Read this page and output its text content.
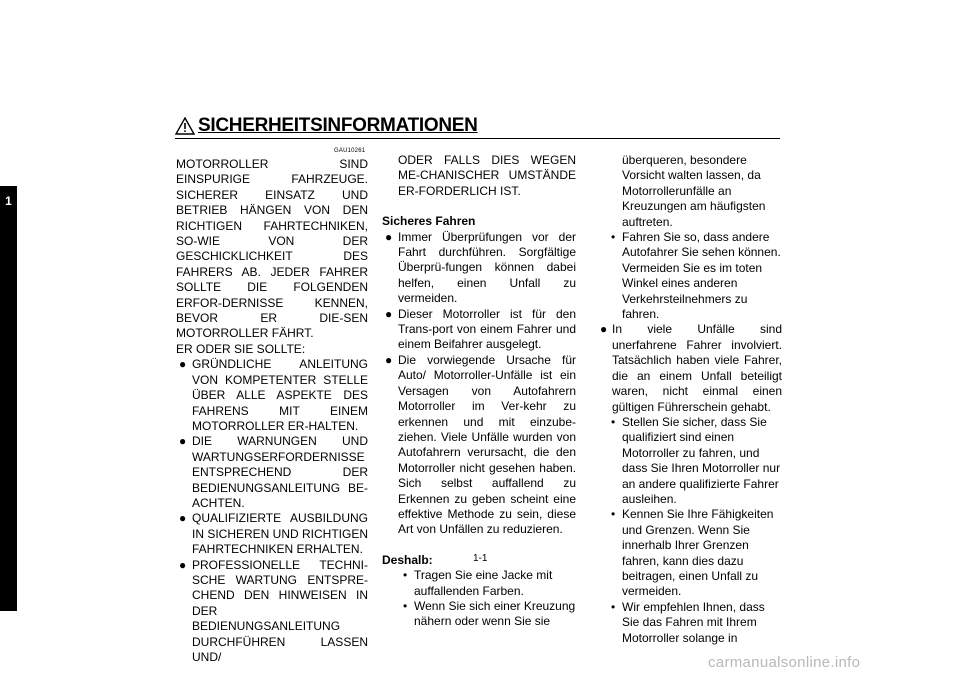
1
SICHERHEITSINFORMATIONEN
GAU10261

MOTORROLLER SIND EINSPURIGE FAHRZEUGE. SICHERER EINSATZ UND BETRIEB HÄNGEN VON DEN RICHTIGEN FAHRTECHNIKEN, SO-WIE VON DER GESCHICKLICHKEIT DES FAHRERS AB. JEDER FAHRER SOLLTE DIE FOLGENDEN ERFOR-DERNISSE KENNEN, BEVOR ER DIE-SEN MOTORROLLER FÄHRT.

ER ODER SIE SOLLTE:

● GRÜNDLICHE ANLEITUNG VON KOMPETENTER STELLE ÜBER ALLE ASPEKTE DES FAHRENS MIT EINEM MOTORROLLER ER-HALTEN.
● DIE WARNUNGEN UND WARTUNGSERFORDERNISSE ENTSPRECHEND DER BEDIENUNGSANLEITUNG BE-ACHTEN.
● QUALIFIZIERTE AUSBILDUNG IN SICHEREN UND RICHTIGEN FAHRTECHNIKEN ERHALTEN.
● PROFESSIONELLE TECHNI-SCHE WARTUNG ENTSPRE-CHEND DEN HINWEISEN IN DER BEDIENUNGSANLEITUNG DURCHFÜHREN LASSEN UND/

ODER FALLS DIES WEGEN ME-CHANISCHER UMSTÄNDE ER-FORDERLICH IST.

Sicheres Fahren

● Immer Überprüfungen vor der Fahrt durchführen. Sorgfältige Überprü-fungen können dabei helfen, einen Unfall zu vermeiden.
● Dieser Motorroller ist für den Trans-port von einem Fahrer und einem Beifahrer ausgelegt.
● Die vorwiegende Ursache für Auto/ Motorroller-Unfälle ist ein Versagen von Autofahrern Motorroller im Ver-kehr zu erkennen und mit einzube-ziehen. Viele Unfälle wurden von Autofahrern verursacht, die den Motorroller nicht gesehen haben. Sich selbst auffallend zu Erkennen zu geben scheint eine effektive Methode zu sein, diese Art von Unfällen zu reduzieren.

Deshalb:

• Tragen Sie eine Jacke mit auffallenden Farben.
• Wenn Sie sich einer Kreuzung nähern oder wenn Sie sie

überqueren, besondere Vorsicht walten lassen, da Motorrollerunfälle an Kreuzungen am häufigsten auftreten.

• Fahren Sie so, dass andere Autofahrer Sie sehen können. Vermeiden Sie es im toten Winkel eines anderen Verkehrsteilnehmers zu fahren.
● In viele Unfälle sind unerfahrene Fahrer involviert. Tatsächlich haben viele Fahrer, die an einem Unfall beteiligt waren, nicht einmal einen gültigen Führerschein gehabt.
• Stellen Sie sicher, dass Sie qualifiziert sind einen Motorroller zu fahren, und dass Sie Ihren Motorroller nur an andere qualifizierte Fahrer ausleihen.
• Kennen Sie Ihre Fähigkeiten und Grenzen. Wenn Sie innerhalb Ihrer Grenzen fahren, kann dies dazu beitragen, einen Unfall zu vermeiden.
• Wir empfehlen Ihnen, dass Sie das Fahren mit Ihrem Motorroller solange in
1-1
carmanualsonline.info
